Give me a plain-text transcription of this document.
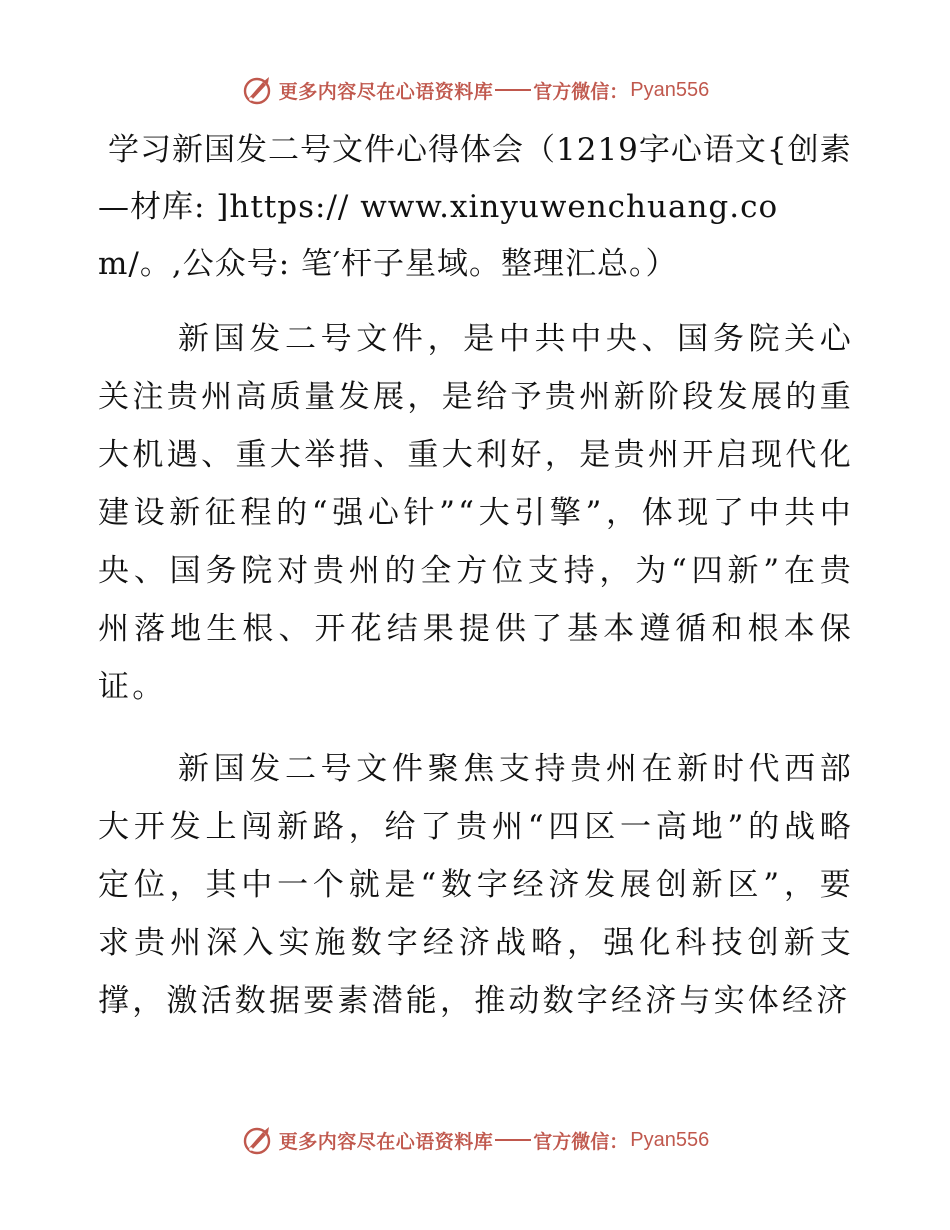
更多内容尽在心语资料库 官方微信： Pyan556
学习新国发二号文件心得体会（1219字心语文{创素—材库: ]https:// www.xinyuwenchuang.com/。,公众号: 笔′杆子星域。整理汇总。）

新国发二号文件，是中共中央、国务院关心关注贵州高质量发展，是给予贵州新阶段发展的重大机遇、重大举措、重大利好，是贵州开启现代化建设新征程的“强心针”“大引擎”，体现了中共中央、国务院对贵州的全方位支持，为“四新”在贵州落地生根、开花结果提供了基本遵循和根本保证。

新国发二号文件聚焦支持贵州在新时代西部大开发上闯新路，给了贵州“四区一高地”的战略定位，其中一个就是“数字经济发展创新区”，要求贵州深入实施数字经济战略，强化科技创新支撑，激活数据要素潜能，推动数字经济与实体经济

更多内容尽在心语资料库 官方微信： Pyan556
